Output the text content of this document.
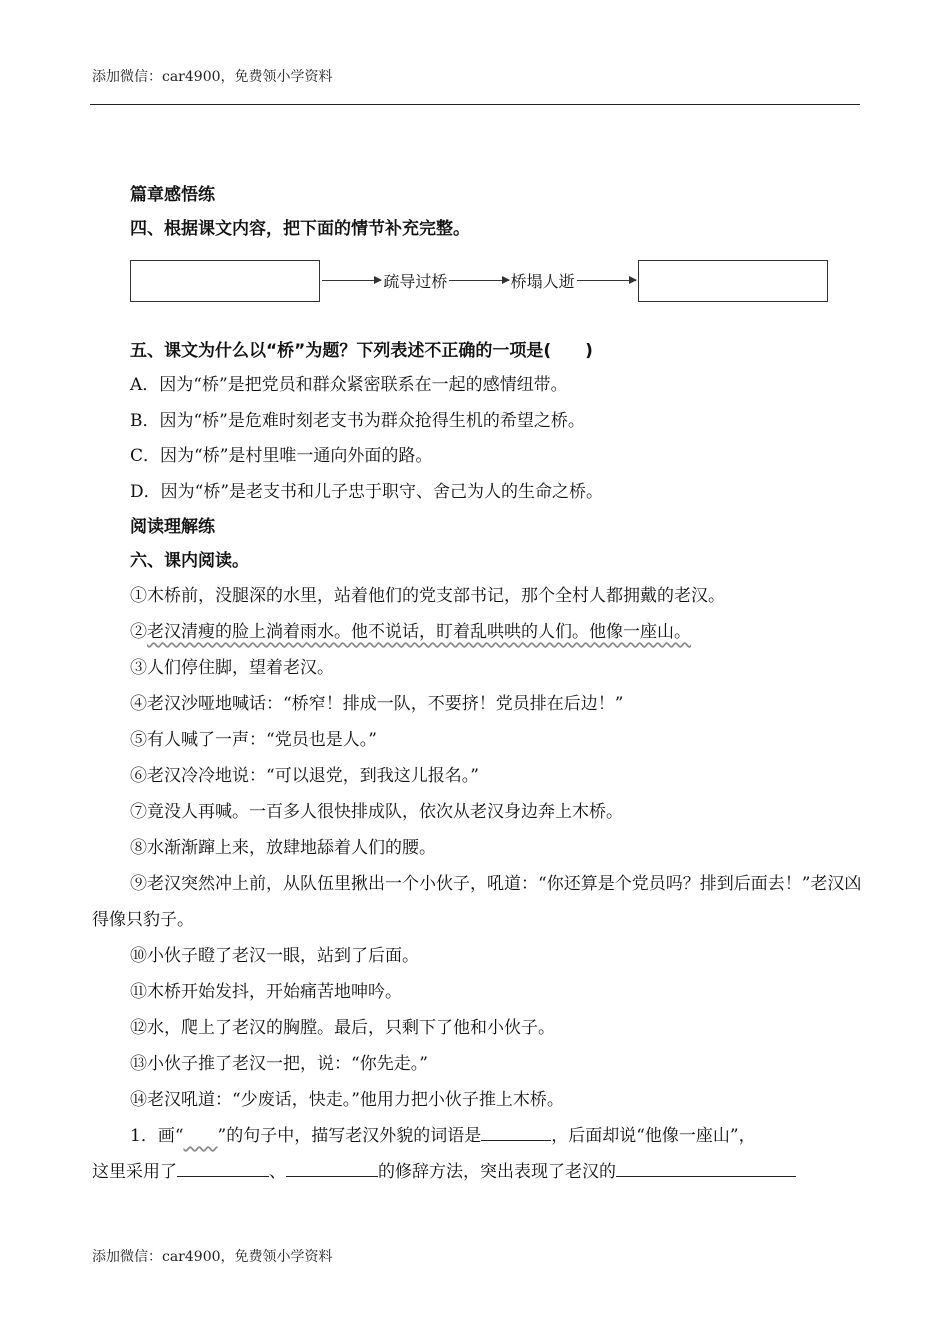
添加微信：car4900，免费领小学资料
篇章感悟练
四、根据课文内容，把下面的情节补充完整。
疏导过桥	桥塌人逝
五、课文为什么以“桥”为题？下列表述不正确的一项是(　　)
A．因为“桥”是把党员和群众紧密联系在一起的感情纽带。
B．因为“桥”是危难时刻老支书为群众抢得生机的希望之桥。
C．因为“桥”是村里唯一通向外面的路。
D．因为“桥”是老支书和儿子忠于职守、舍己为人的生命之桥。
阅读理解练
六、课内阅读。
①木桥前，没腿深的水里，站着他们的党支部书记，那个全村人都拥戴的老汉。
②老汉清瘦的脸上淌着雨水。他不说话，盯着乱哄哄的人们。他像一座山。
③人们停住脚，望着老汉。
④老汉沙哑地喊话：“桥窄！排成一队，不要挤！党员排在后边！”
⑤有人喊了一声：“党员也是人。”
⑥老汉冷冷地说：“可以退党，到我这儿报名。”
⑦竟没人再喊。一百多人很快排成队，依次从老汉身边奔上木桥。
⑧水渐渐蹿上来，放肆地舔着人们的腰。
⑨老汉突然冲上前，从队伍里揪出一个小伙子，吼道：“你还算是个党员吗？排到后面去！”老汉凶得像只豹子。
⑩小伙子瞪了老汉一眼，站到了后面。
⑪木桥开始发抖，开始痛苦地呻吟。
⑫水，爬上了老汉的胸膛。最后，只剩下了他和小伙子。
⑬小伙子推了老汉一把，说：“你先走。”
⑭老汉吼道：“少废话，快走。”他用力把小伙子推上木桥。
1．画“　　 ”的句子中，描写老汉外貌的词语是	，后面却说“他像一座山”，
这里采用了	、	的修辞方法，突出表现了老汉的
添加微信：car4900，免费领小学资料
